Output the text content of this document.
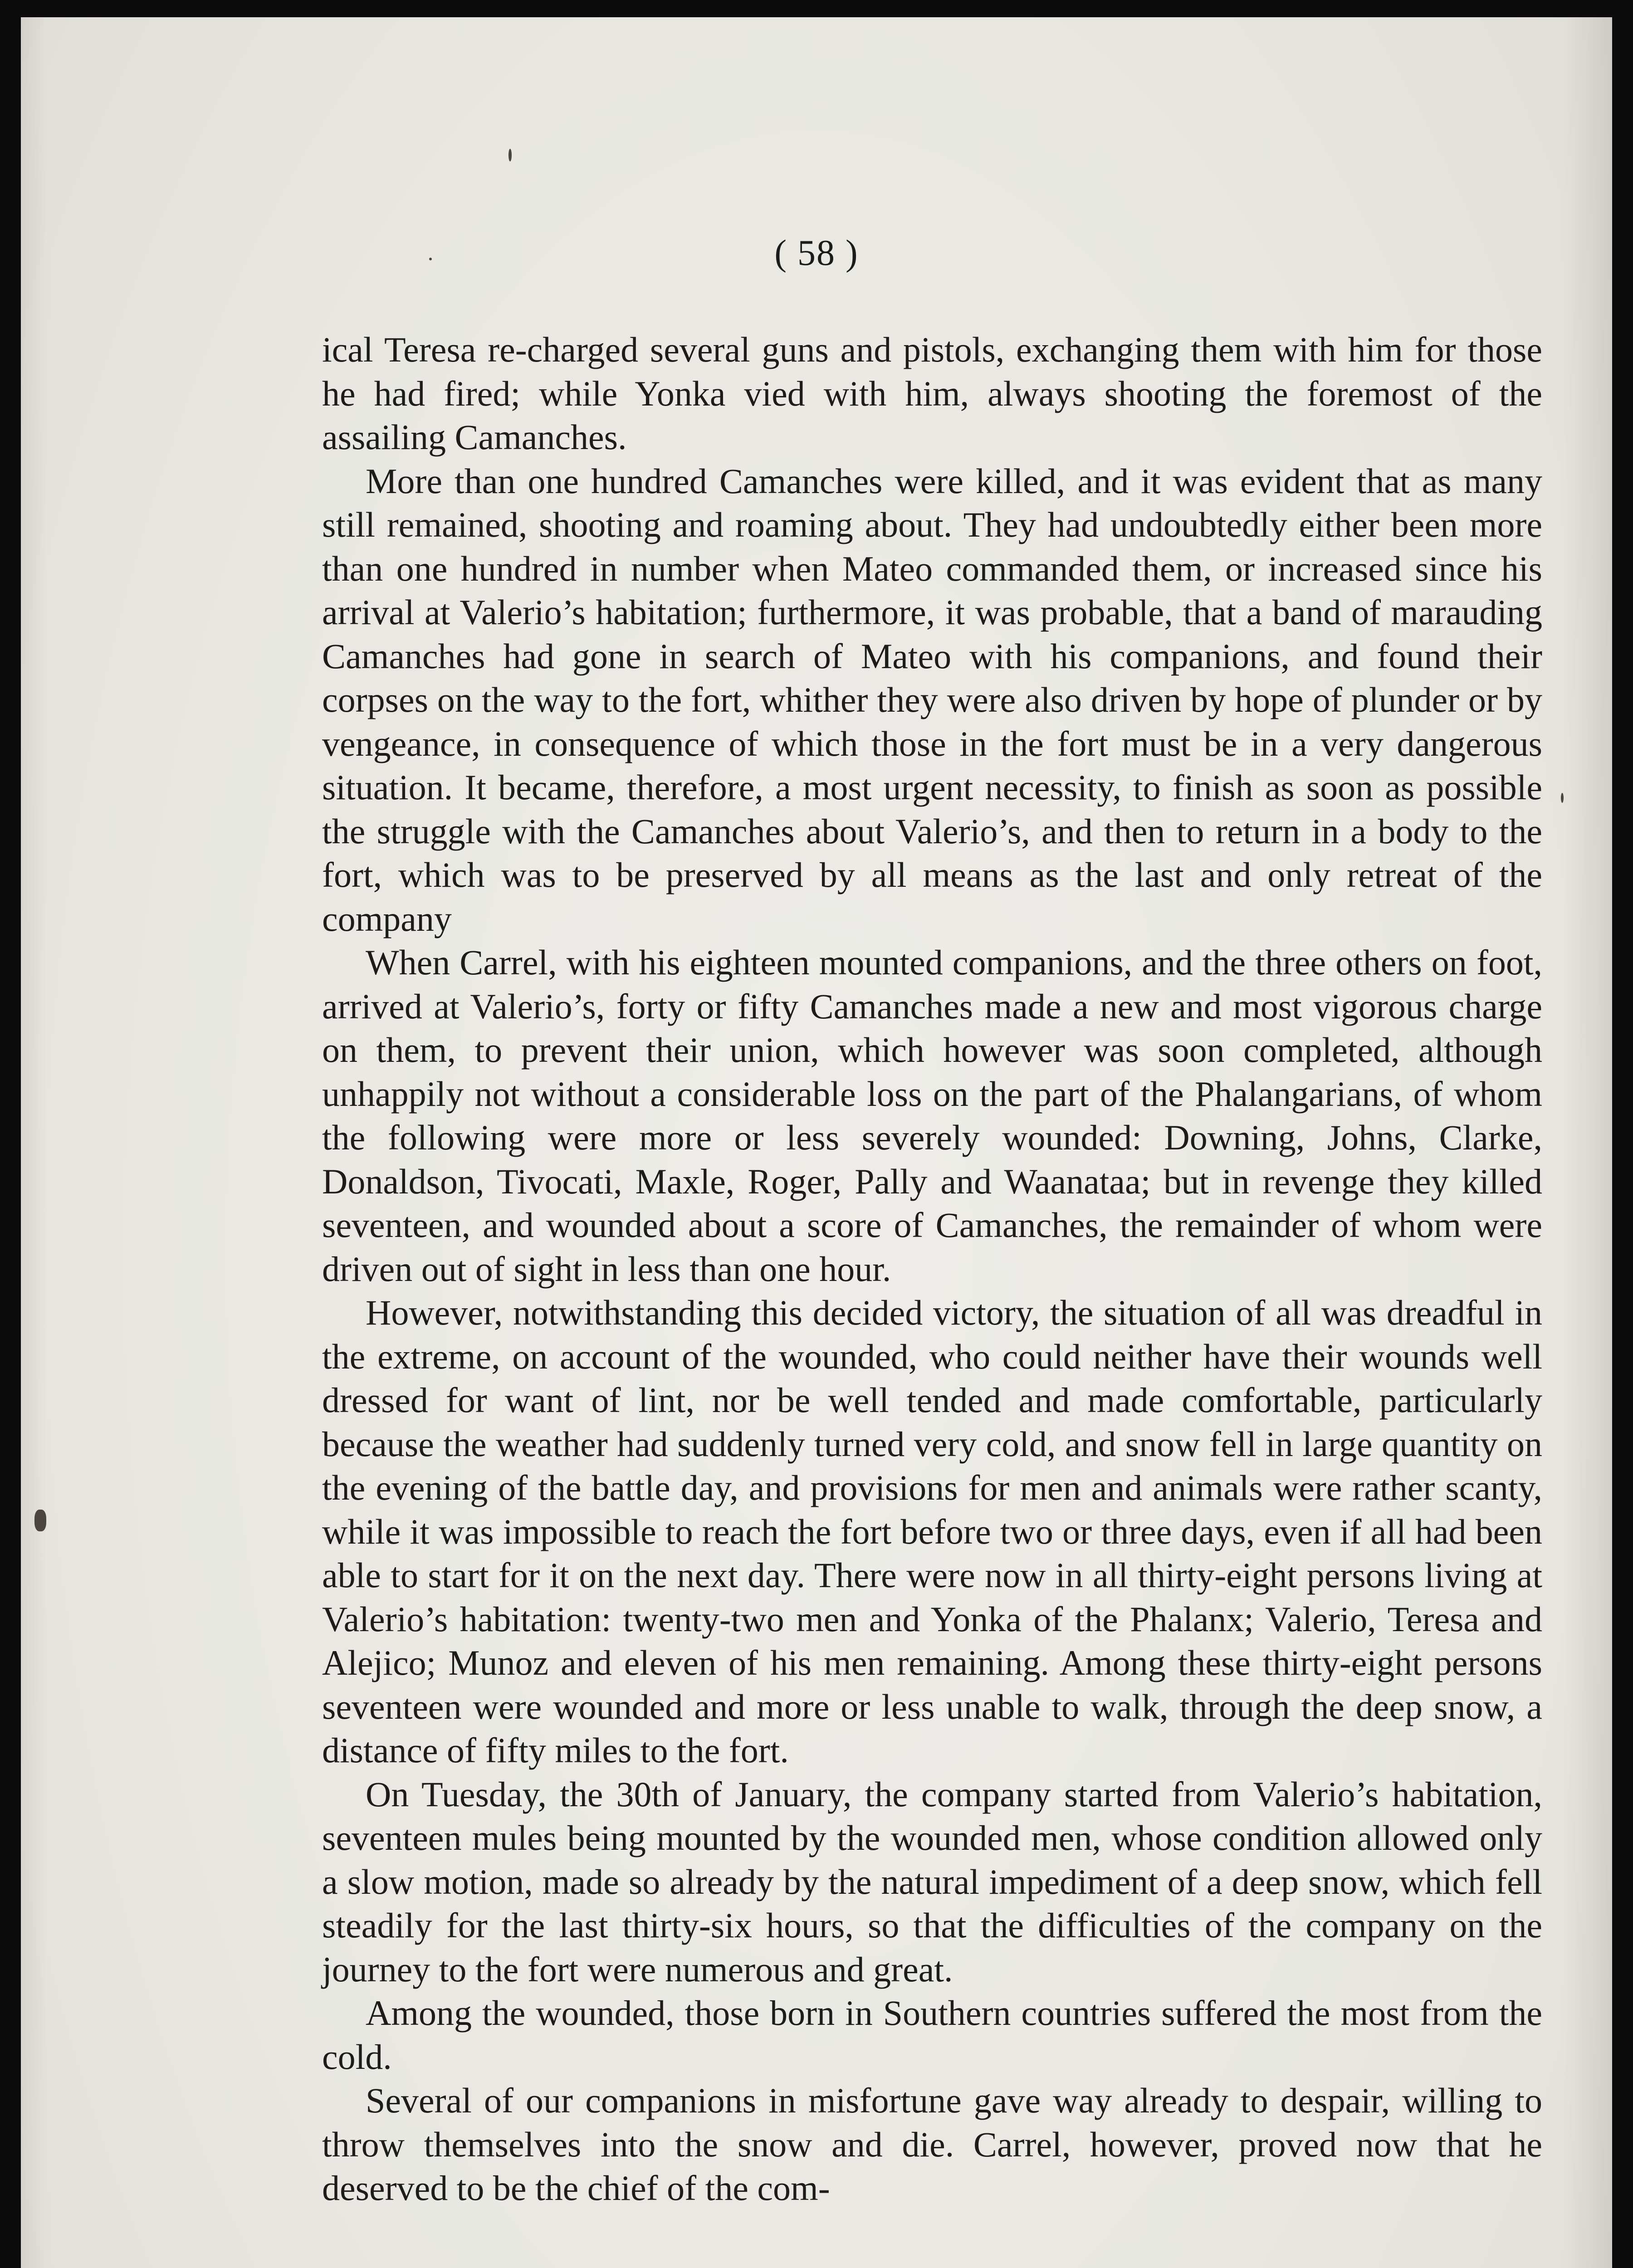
( 58 )

ical Teresa re-charged several guns and pistols, exchanging them with him for those he had fired; while Yonka vied with him, always shooting the foremost of the assailing Camanches.

More than one hundred Camanches were killed, and it was evident that as many still remained, shooting and roaming about. They had undoubtedly either been more than one hundred in number when Mateo commanded them, or increased since his arrival at Valerio’s habitation; furthermore, it was probable, that a band of marauding Camanches had gone in search of Mateo with his companions, and found their corpses on the way to the fort, whither they were also driven by hope of plunder or by vengeance, in consequence of which those in the fort must be in a very dangerous situation. It became, therefore, a most urgent necessity, to finish as soon as possible the struggle with the Camanches about Valerio’s, and then to return in a body to the fort, which was to be preserved by all means as the last and only retreat of the company

When Carrel, with his eighteen mounted companions, and the three others on foot, arrived at Valerio’s, forty or fifty Camanches made a new and most vigorous charge on them, to prevent their union, which however was soon completed, although unhappily not without a considerable loss on the part of the Phalangarians, of whom the following were more or less severely wounded: Downing, Johns, Clarke, Donaldson, Tivocati, Maxle, Roger, Pally and Waanataa; but in revenge they killed seventeen, and wounded about a score of Camanches, the remainder of whom were driven out of sight in less than one hour.

However, notwithstanding this decided victory, the situation of all was dreadful in the extreme, on account of the wounded, who could neither have their wounds well dressed for want of lint, nor be well tended and made comfortable, particularly because the weather had suddenly turned very cold, and snow fell in large quantity on the evening of the battle day, and provisions for men and animals were rather scanty, while it was impossible to reach the fort before two or three days, even if all had been able to start for it on the next day. There were now in all thirty-eight persons living at Valerio’s habitation: twenty-two men and Yonka of the Phalanx; Valerio, Teresa and Alejico; Munoz and eleven of his men remaining. Among these thirty-eight persons seventeen were wounded and more or less unable to walk, through the deep snow, a distance of fifty miles to the fort.

On Tuesday, the 30th of January, the company started from Valerio’s habitation, seventeen mules being mounted by the wounded men, whose condition allowed only a slow motion, made so already by the natural impediment of a deep snow, which fell steadily for the last thirty-six hours, so that the difficulties of the company on the journey to the fort were numerous and great.

Among the wounded, those born in Southern countries suffered the most from the cold.

Several of our companions in misfortune gave way already to despair, willing to throw themselves into the snow and die. Carrel, however, proved now that he deserved to be the chief of the com-
